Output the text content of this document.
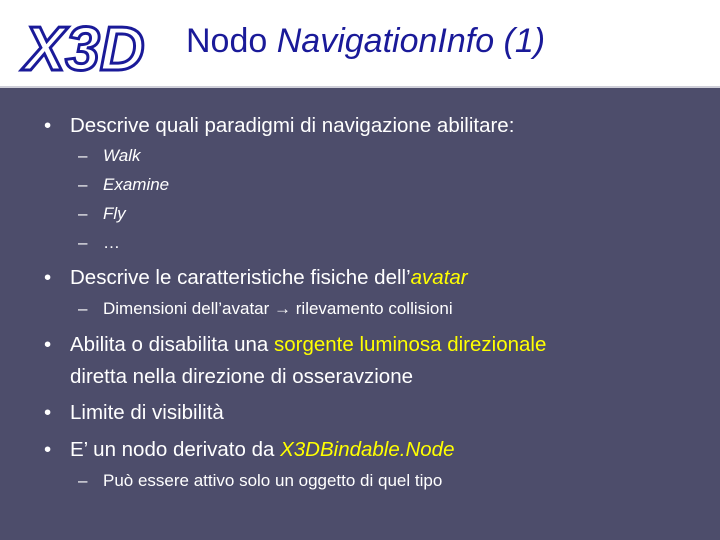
X3D Nodo NavigationInfo (1)
• Descrive quali paradigmi di navigazione abilitare:
– Walk
– Examine
– Fly
– …
• Descrive le caratteristiche fisiche dell’avatar
– Dimensioni dell’avatar → rilevamento collisioni
• Abilita o disabilita una sorgente luminosa direzionale
diretta nella direzione di osseravzione
• Limite di visibilità
• E’ un nodo derivato da X3DBindable.Node
– Può essere attivo solo un oggetto di quel tipo
